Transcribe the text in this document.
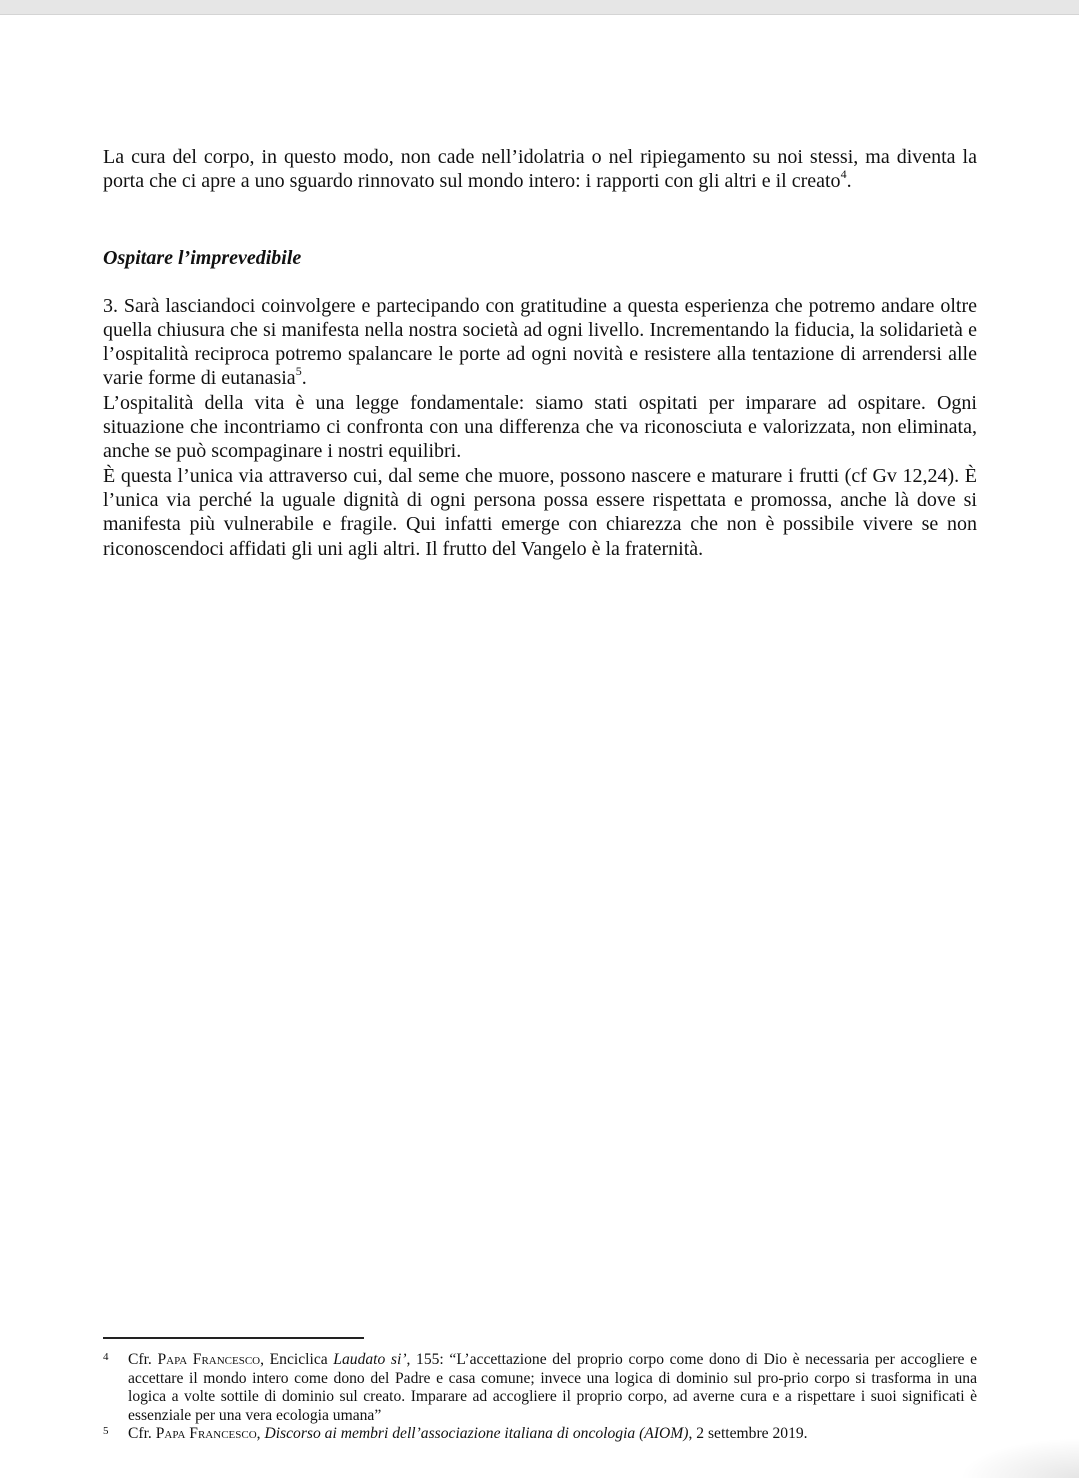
La cura del corpo, in questo modo, non cade nell’idolatria o nel ripiegamento su noi stessi, ma diventa la porta che ci apre a uno sguardo rinnovato sul mondo intero: i rapporti con gli altri e il creato$^4$.

Ospitare l’imprevedibile

3. Sarà lasciandoci coinvolgere e partecipando con gratitudine a questa esperienza che potremo andare oltre quella chiusura che si manifesta nella nostra società ad ogni livello. Incrementando la fiducia, la solidarietà e l’ospitalità reciproca potremo spalancare le porte ad ogni novità e resistere alla tentazione di arrendersi alle varie forme di eutanasia$^5$.

L’ospitalità della vita è una legge fondamentale: siamo stati ospitati per imparare ad ospitare. Ogni situazione che incontriamo ci confronta con una differenza che va riconosciuta e valorizzata, non eliminata, anche se può scompaginare i nostri equilibri.

È questa l’unica via attraverso cui, dal seme che muore, possono nascere e maturare i frutti (cf Gv 12,24). È l’unica via perché la uguale dignità di ogni persona possa essere rispettata e promossa, anche là dove si manifesta più vulnerabile e fragile. Qui infatti emerge con chiarezza che non è possibile vivere se non riconoscendoci affidati gli uni agli altri. Il frutto del Vangelo è la fraternità.

4 Cfr. Papa Francesco, Enciclica Laudato si’, 155: “L’accettazione del proprio corpo come dono di Dio è necessaria per accogliere e accettare il mondo intero come dono del Padre e casa comune; invece una logica di dominio sul pro-prio corpo si trasforma in una logica a volte sottile di dominio sul creato. Imparare ad accogliere il proprio corpo, ad averne cura e a rispettare i suoi significati è essenziale per una vera ecologia umana”
5 Cfr. Papa Francesco, Discorso ai membri dell’associazione italiana di oncologia (AIOM), 2 settembre 2019.
